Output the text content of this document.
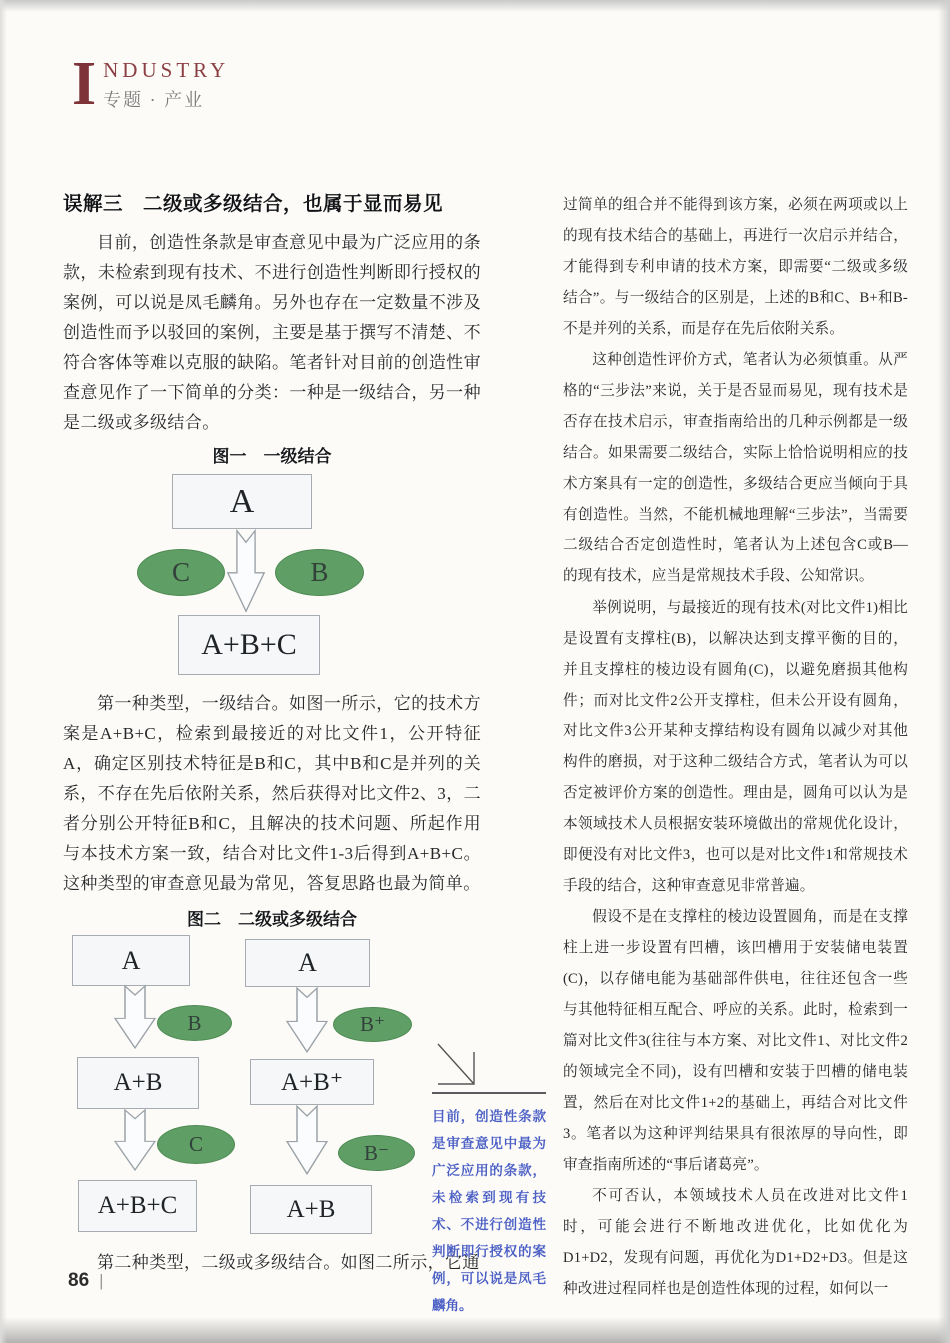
I NDUSTRY
专题 · 产业
误解三　二级或多级结合，也属于显而易见

目前，创造性条款是审查意见中最为广泛应用的条款，未检索到现有技术、不进行创造性判断即行授权的案例，可以说是凤毛麟角。另外也存在一定数量不涉及创造性而予以驳回的案例，主要是基于撰写不清楚、不符合客体等难以克服的缺陷。笔者针对目前的创造性审查意见作了一下简单的分类：一种是一级结合，另一种是二级或多级结合。

图一　一级结合
A
C	B
A+B+C

第一种类型，一级结合。如图一所示，它的技术方案是A+B+C，检索到最接近的对比文件1，公开特征A，确定区别技术特征是B和C，其中B和C是并列的关系，不存在先后依附关系，然后获得对比文件2、3，二者分别公开特征B和C，且解决的技术问题、所起作用与本技术方案一致，结合对比文件1-3后得到A+B+C。这种类型的审查意见最为常见，答复思路也最为简单。

图二　二级或多级结合
A
B
A+B
C
A+B+C
A
B⁺
A+B⁺
B⁻
A+B

第二种类型，二级或多级结合。如图二所示，它通

目前，创造性条款是审查意见中最为广泛应用的条款，未检索到现有技术、不进行创造性判断即行授权的案例，可以说是凤毛麟角。

过简单的组合并不能得到该方案，必须在两项或以上的现有技术结合的基础上，再进行一次启示并结合，才能得到专利申请的技术方案，即需要“二级或多级结合”。与一级结合的区别是，上述的B和C、B+和B-不是并列的关系，而是存在先后依附关系。

这种创造性评价方式，笔者认为必须慎重。从严格的“三步法”来说，关于是否显而易见，现有技术是否存在技术启示，审查指南给出的几种示例都是一级结合。如果需要二级结合，实际上恰恰说明相应的技术方案具有一定的创造性，多级结合更应当倾向于具有创造性。当然，不能机械地理解“三步法”，当需要二级结合否定创造性时，笔者认为上述包含C或B—的现有技术，应当是常规技术手段、公知常识。

举例说明，与最接近的现有技术(对比文件1)相比是设置有支撑柱(B)，以解决达到支撑平衡的目的，并且支撑柱的棱边设有圆角(C)，以避免磨损其他构件；而对比文件2公开支撑柱，但未公开设有圆角，对比文件3公开某种支撑结构设有圆角以减少对其他构件的磨损，对于这种二级结合方式，笔者认为可以否定被评价方案的创造性。理由是，圆角可以认为是本领域技术人员根据安装环境做出的常规优化设计，即便没有对比文件3，也可以是对比文件1和常规技术手段的结合，这种审查意见非常普遍。

假设不是在支撑柱的棱边设置圆角，而是在支撑柱上进一步设置有凹槽，该凹槽用于安装储电装置(C)，以存储电能为基础部件供电，往往还包含一些与其他特征相互配合、呼应的关系。此时，检索到一篇对比文件3(往往与本方案、对比文件1、对比文件2的领域完全不同)，设有凹槽和安装于凹槽的储电装置，然后在对比文件1+2的基础上，再结合对比文件3。笔者以为这种评判结果具有很浓厚的导向性，即审查指南所述的“事后诸葛亮”。

不可否认，本领域技术人员在改进对比文件1时，可能会进行不断地改进优化，比如优化为D1+D2，发现有问题，再优化为D1+D2+D3。但是这种改进过程同样也是创造性体现的过程，如何以一

86 |
